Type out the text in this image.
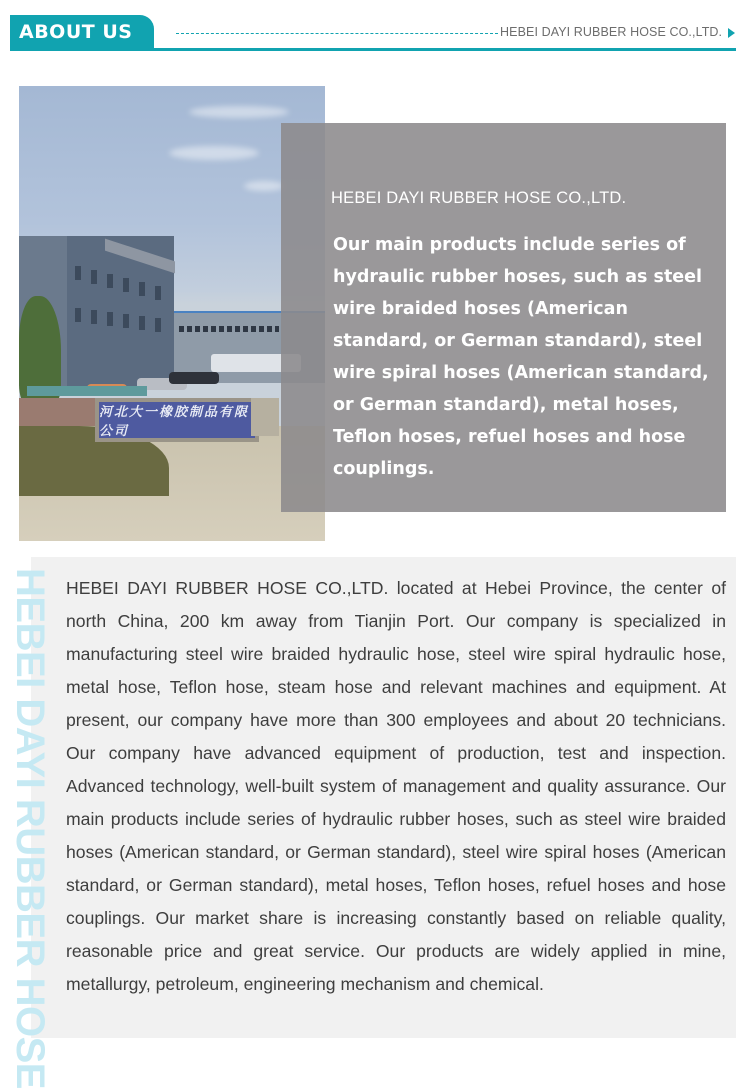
ABOUT US	HEBEI DAYI RUBBER HOSE CO.,LTD.
河北大一橡胶制品有限公司
HEBEI DAYI RUBBER HOSE CO.,LTD.
Our main products include series of hydraulic rubber hoses, such as steel wire braided hoses (American standard, or German standard), steel wire spiral hoses (American standard, or German standard), metal hoses, Teflon hoses, refuel hoses and hose couplings.
HEBEI DAYI RUBBER HOSE HEBEI DAYI RUBBER HOSE CO.,LTD. located at Hebei Province, the center of north China, 200 km away from Tianjin Port. Our company is specialized in manufacturing steel wire braided hydraulic hose, steel wire spiral hydraulic hose, metal hose, Teflon hose, steam hose and relevant machines and equipment. At present, our company have more than 300 employees and about 20 technicians. Our company have advanced equipment of production, test and inspection. Advanced technology, well-built system of management and quality assurance. Our main products include series of hydraulic rubber hoses, such as steel wire braided hoses (American standard, or German standard), steel wire spiral hoses (American standard, or German standard), metal hoses, Teflon hoses, refuel hoses and hose couplings. Our market share is increasing constantly based on reliable quality, reasonable price and great service. Our products are widely applied in mine, metallurgy, petroleum, engineering mechanism and chemical.
